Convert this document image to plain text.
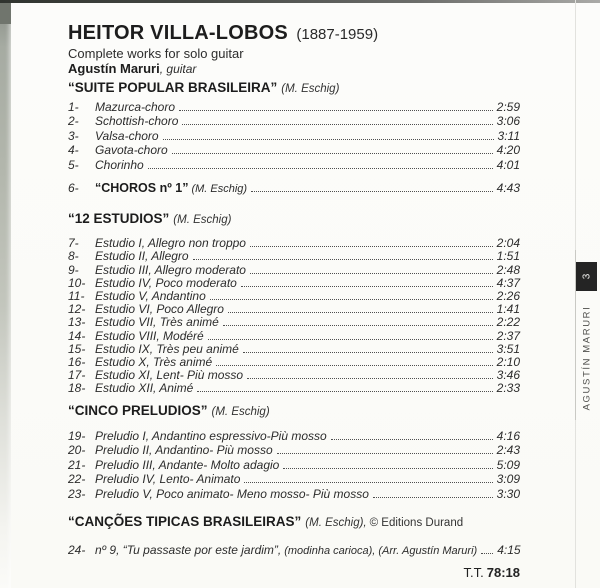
HEITOR VILLA-LOBOS (1887-1959)
Complete works for solo guitar
Agustín Maruri, guitar
“SUITE POPULAR BRASILEIRA” (M. Eschig)
1-	Mazurca-choro	2:59
2-	Schottish-choro	3:06
3-	Valsa-choro	3:11
4-	Gavota-choro	4:20
5-	Chorinho	4:01
6-	“CHOROS nº 1” (M. Eschig)	4:43
“12 ESTUDIOS” (M. Eschig)
7-	Estudio I, Allegro non troppo	2:04
8-	Estudio II, Allegro	1:51
9-	Estudio III, Allegro moderato	2:48
10- Estudio IV, Poco moderato	4:37
11- Estudio V, Andantino	2:26
12- Estudio VI, Poco Allegro	1:41
13- Estudio VII, Très animé	2:22
14- Estudio VIII, Modéré	2:37
15- Estudio IX, Très peu animé	3:51
16- Estudio X, Très animé	2:10
17- Estudio XI, Lent- Più mosso	3:46
18- Estudio XII, Animé	2:33
“CINCO PRELUDIOS” (M. Eschig)
19- Preludio I, Andantino espressivo-Più mosso	4:16
20- Preludio II, Andantino- Più mosso	2:43
21- Preludio III, Andante- Molto adagio	5:09
22- Preludio IV, Lento- Animato	3:09
23- Preludio V, Poco animato- Meno mosso- Più mosso	3:30
“CANÇÕES TIPICAS BRASILEIRAS” (M. Eschig), © Editions Durand
24- nº 9, “Tu passaste por este jardim”, (modinha carioca), (Arr. Agustín Maruri) 4:15
T.T. 78:18
3
AGUSTÍN MARURI
